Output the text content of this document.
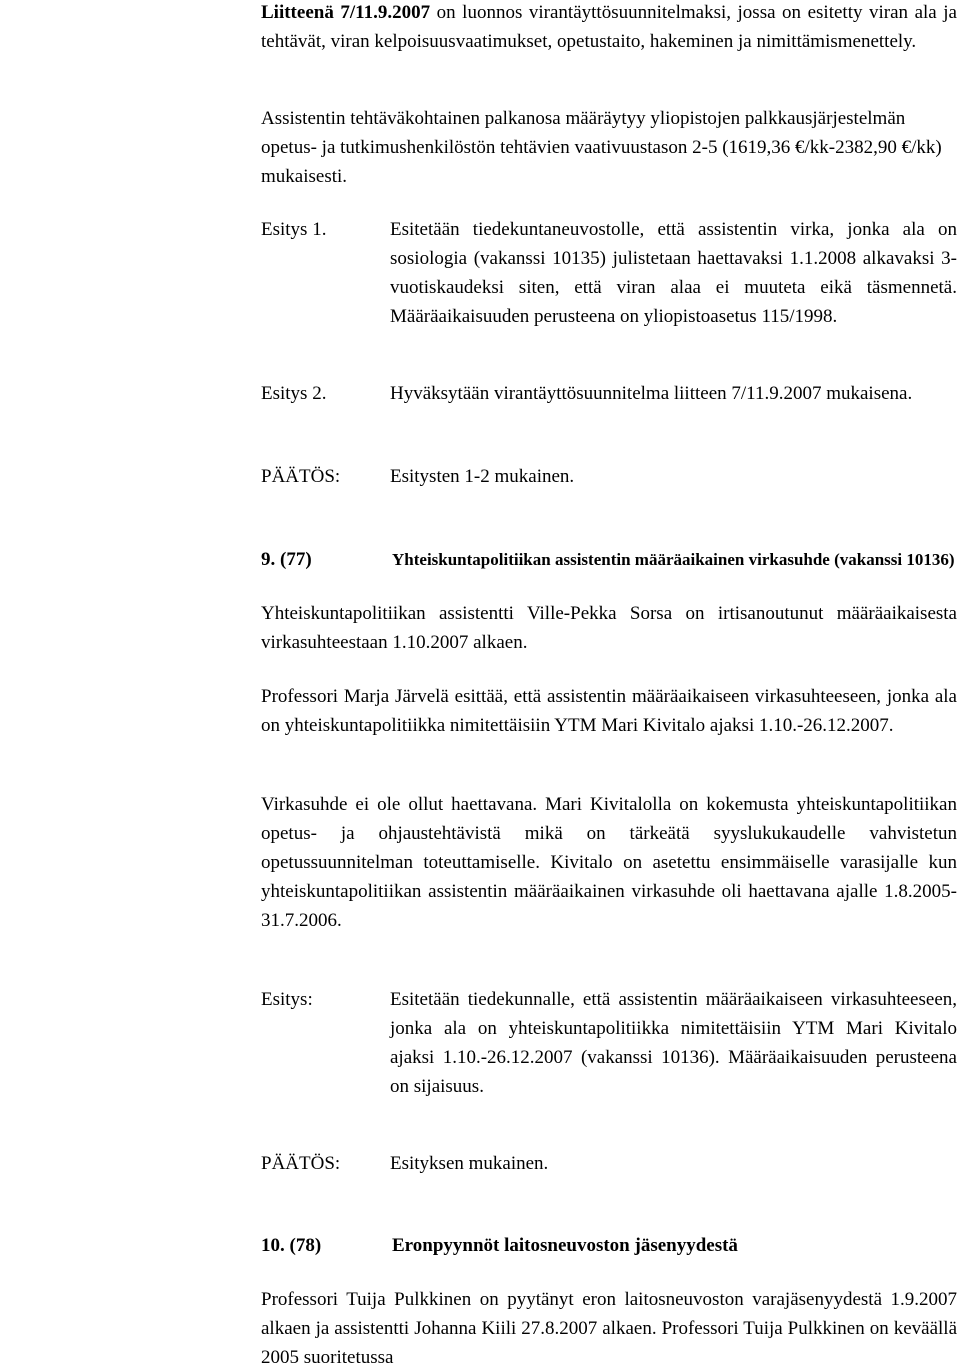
Liitteenä 7/11.9.2007 on luonnos virantäyttösuunnitelmaksi, jossa on esitetty viran ala ja tehtävät, viran kelpoisuusvaatimukset, opetustaito, hakeminen ja nimittämismenettely.

Assistentin tehtäväkohtainen palkanosa määräytyy yliopistojen palkkausjärjestelmän opetus- ja tutkimushenkilöstön tehtävien vaativuustason 2-5 (1619,36 €/kk-2382,90 €/kk) mukaisesti.

Esitys 1.	Esitetään tiedekuntaneuvostolle, että assistentin virka, jonka ala on sosiologia (vakanssi 10135) julistetaan haettavaksi 1.1.2008 alkavaksi 3-vuotiskaudeksi siten, että viran alaa ei muuteta eikä täsmennetä. Määräaikaisuuden perusteena on yliopistoasetus 115/1998.

Esitys 2.	Hyväksytään virantäyttösuunnitelma liitteen 7/11.9.2007 mukaisena.

PÄÄTÖS:	Esitysten 1-2 mukainen.

9. (77)	Yhteiskuntapolitiikan assistentin määräaikainen virkasuhde (vakanssi 10136)

Yhteiskuntapolitiikan assistentti Ville-Pekka Sorsa on irtisanoutunut määräaikaisesta virkasuhteestaan 1.10.2007 alkaen.

Professori Marja Järvelä esittää, että assistentin määräaikaiseen virkasuhteeseen, jonka ala on yhteiskuntapolitiikka nimitettäisiin YTM Mari Kivitalo ajaksi 1.10.-26.12.2007.

Virkasuhde ei ole ollut haettavana. Mari Kivitalolla on kokemusta yhteiskuntapolitiikan opetus- ja ohjaustehtävistä mikä on tärkeätä syyslukukaudelle vahvistetun opetussuunnitelman toteuttamiselle. Kivitalo on asetettu ensimmäiselle varasijalle kun yhteiskuntapolitiikan assistentin määräaikainen virkasuhde oli haettavana ajalle 1.8.2005-31.7.2006.

Esitys:	Esitetään tiedekunnalle, että assistentin määräaikaiseen virkasuhteeseen, jonka ala on yhteiskuntapolitiikka nimitettäisiin YTM Mari Kivitalo ajaksi 1.10.-26.12.2007 (vakanssi 10136). Määräaikaisuuden perusteena on sijaisuus.

PÄÄTÖS:	Esityksen mukainen.

10. (78)	Eronpyynnöt laitosneuvoston jäsenyydestä

Professori Tuija Pulkkinen on pyytänyt eron laitosneuvoston varajäsenyydestä 1.9.2007 alkaen ja assistentti Johanna Kiili 27.8.2007 alkaen. Professori Tuija Pulkkinen on keväällä 2005 suoritetussa
